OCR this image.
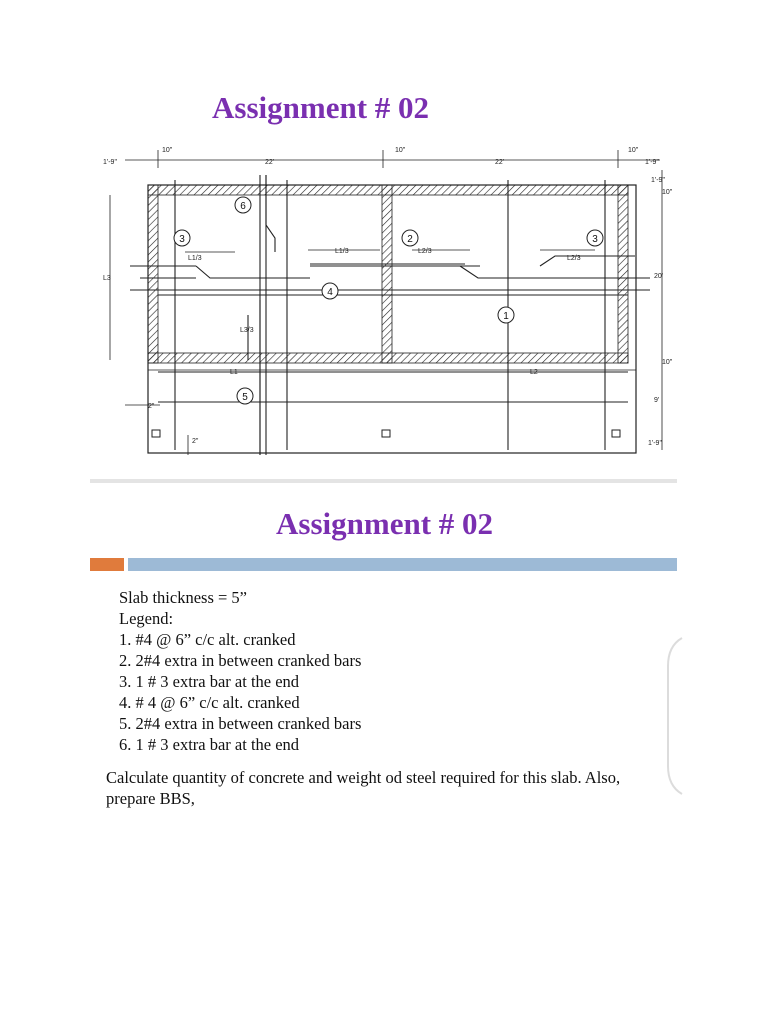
Assignment # 02
1'-9"
10"
22'
10"
22'
10"
1'-9"
1'-9"
10"
20'
10"
9'
1'-9"
2"
2"
L1	L2
L3
L1/3
L1/3	L2/3
L2/3
L3/3
1
2
3	3
4
5
6
Assignment # 02
Slab thickness = 5”
Legend:
1. #4 @ 6” c/c alt. cranked
2. 2#4 extra in between cranked bars
3. 1 # 3 extra bar at the end
4. # 4 @ 6” c/c alt. cranked
5. 2#4 extra in between cranked bars
6. 1 # 3 extra bar at the end
Calculate quantity of concrete and weight od steel required for this slab. Also, prepare BBS,
